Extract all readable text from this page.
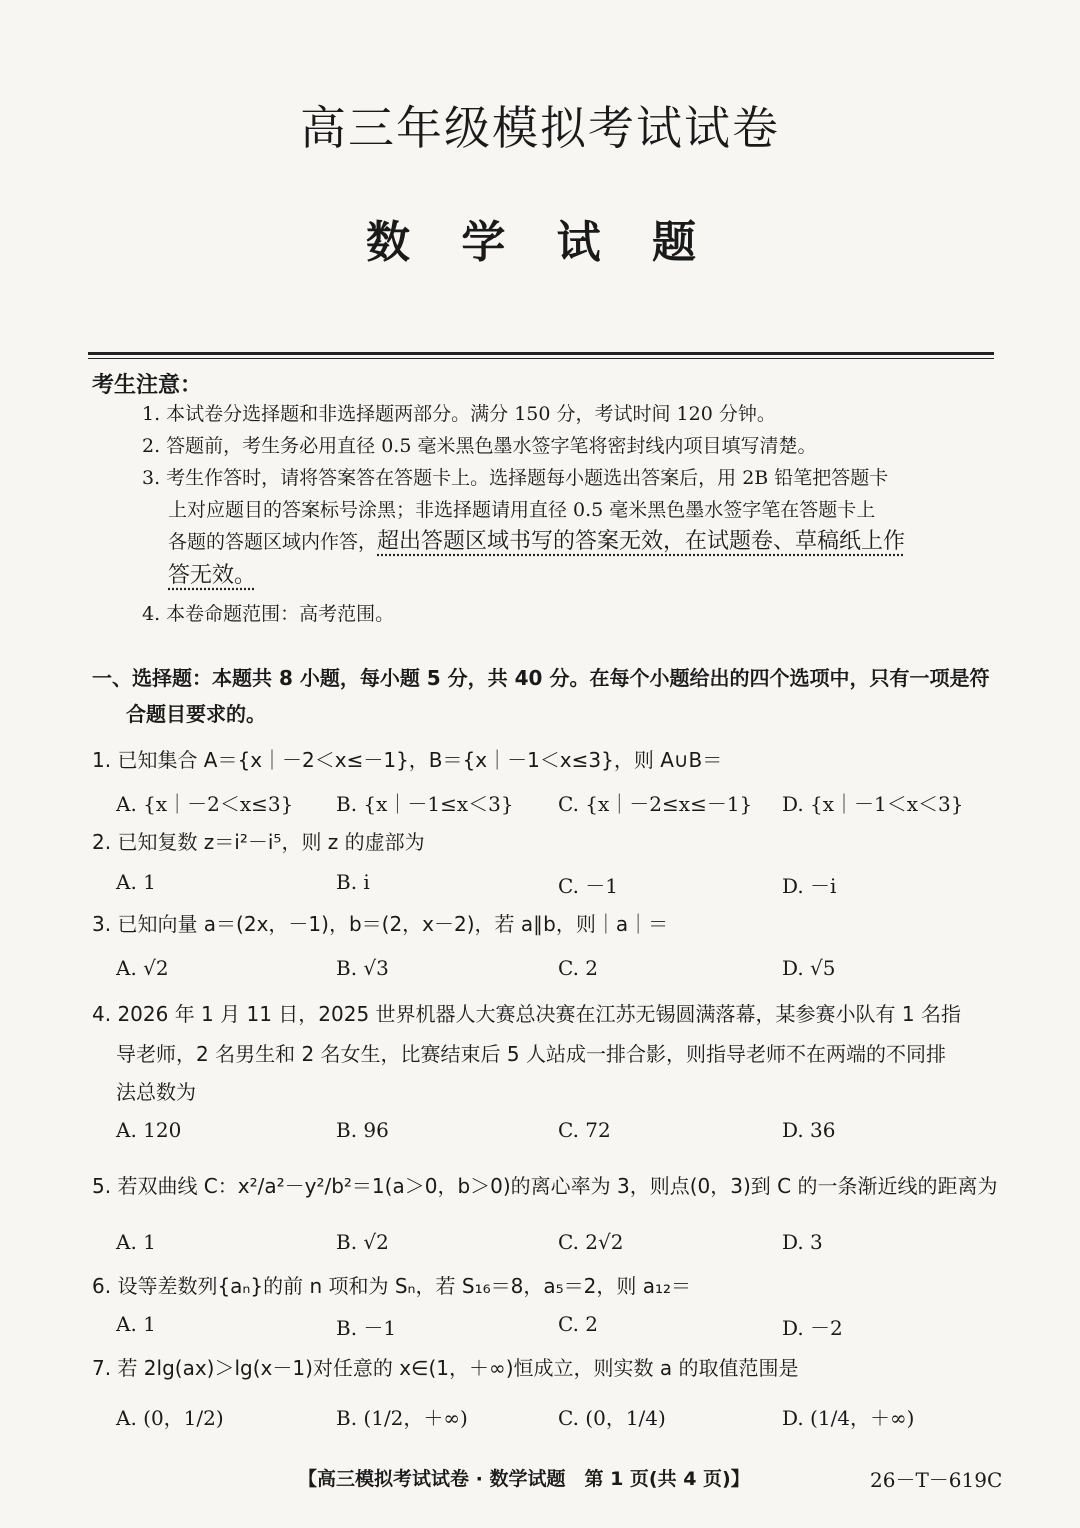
高三年级模拟考试试卷
数 学 试 题
考生注意：
1. 本试卷分选择题和非选择题两部分。满分 150 分，考试时间 120 分钟。
2. 答题前，考生务必用直径 0.5 毫米黑色墨水签字笔将密封线内项目填写清楚。
3. 考生作答时，请将答案答在答题卡上。选择题每小题选出答案后，用 2B 铅笔把答题卡
上对应题目的答案标号涂黑；非选择题请用直径 0.5 毫米黑色墨水签字笔在答题卡上
各题的答题区域内作答，超出答题区域书写的答案无效，在试题卷、草稿纸上作
答无效。
4. 本卷命题范围：高考范围。
一、选择题：本题共 8 小题，每小题 5 分，共 40 分。在每个小题给出的四个选项中，只有一项是符
合题目要求的。
1. 已知集合 A＝{x｜－2＜x≤－1}，B＝{x｜－1＜x≤3}，则 A∪B＝
A. {x｜－2＜x≤3} B. {x｜－1≤x＜3} C. {x｜－2≤x≤－1} D. {x｜－1＜x＜3}
2. 已知复数 z＝i²－i⁵，则 z 的虚部为
A. 1	B. i	C. －1	D. －i
3. 已知向量 a＝(2x，－1)，b＝(2，x－2)，若 a∥b，则｜a｜＝
A. √2	B. √3	C. 2	D. √5
4. 2026 年 1 月 11 日，2025 世界机器人大赛总决赛在江苏无锡圆满落幕，某参赛小队有 1 名指
导老师，2 名男生和 2 名女生，比赛结束后 5 人站成一排合影，则指导老师不在两端的不同排
法总数为
A. 120	B. 96	C. 72	D. 36
5. 若双曲线 C：x²/a²－y²/b²＝1(a＞0，b＞0)的离心率为 3，则点(0，3)到 C 的一条渐近线的距离为
A. 1	B. √2	C. 2√2	D. 3
6. 设等差数列{aₙ}的前 n 项和为 Sₙ，若 S₁₆＝8，a₅＝2，则 a₁₂＝
A. 1	B. －1	C. 2	D. －2
7. 若 2lg(ax)＞lg(x－1)对任意的 x∈(1，＋∞)恒成立，则实数 a 的取值范围是
A. (0，1/2)	B. (1/2，＋∞)	C. (0，1/4)	D. (1/4，＋∞)
【高三模拟考试试卷 · 数学试题　第 1 页(共 4 页)】	26－T－619C
